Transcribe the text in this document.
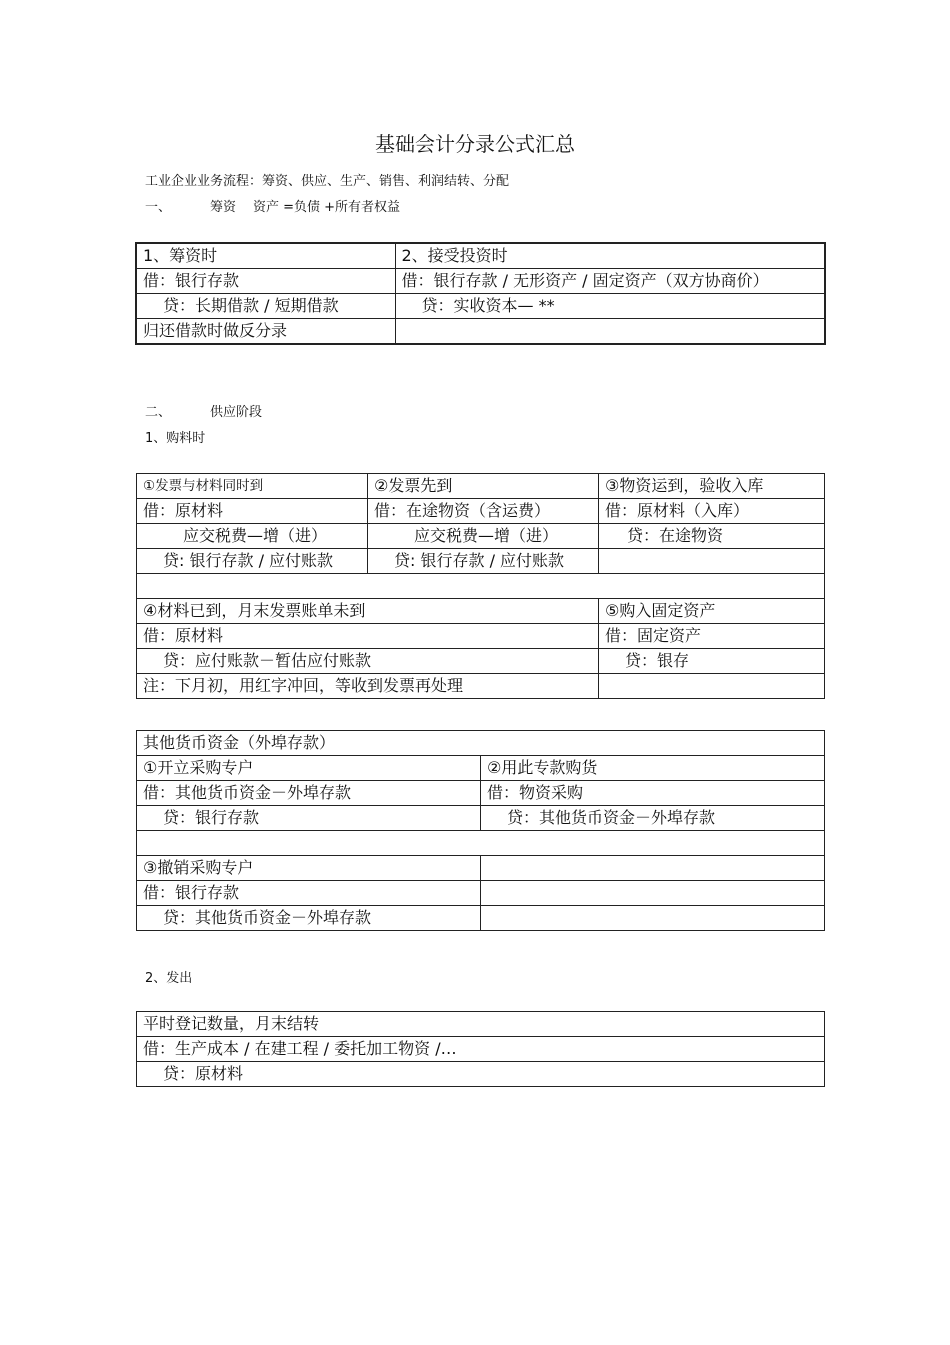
基础会计分录公式汇总
工业企业业务流程：筹资、供应、生产、销售、利润结转、分配
一、	筹资 资产 =负债 +所有者权益
1、筹资时	2、接受投资时
借：银行存款	借：银行存款 / 无形资产 / 固定资产（双方协商价）
贷：长期借款 / 短期借款	贷：实收资本— **
归还借款时做反分录	
二、	供应阶段
1、购料时
①发票与材料同时到	②发票先到	③物资运到，验收入库
借：原材料	借：在途物资（含运费）	借：原材料（入库）
应交税费—增（进）	应交税费—增（进）	贷：在途物资
贷: 银行存款 / 应付账款	贷: 银行存款 / 应付账款	

④材料已到，月末发票账单未到		⑤购入固定资产
借：原材料		借：固定资产
贷：应付账款－暂估应付账款		贷：银存
注：下月初，用红字冲回，等收到发票再处理		
其他货币资金（外埠存款）	
①开立采购专户	②用此专款购货
借：其他货币资金－外埠存款	借：物资采购
贷：银行存款	贷：其他货币资金－外埠存款

③撤销采购专户	
借：银行存款	
贷：其他货币资金－外埠存款	
2、发出
平时登记数量，月末结转
借：生产成本 / 在建工程 / 委托加工物资 /…
贷：原材料
